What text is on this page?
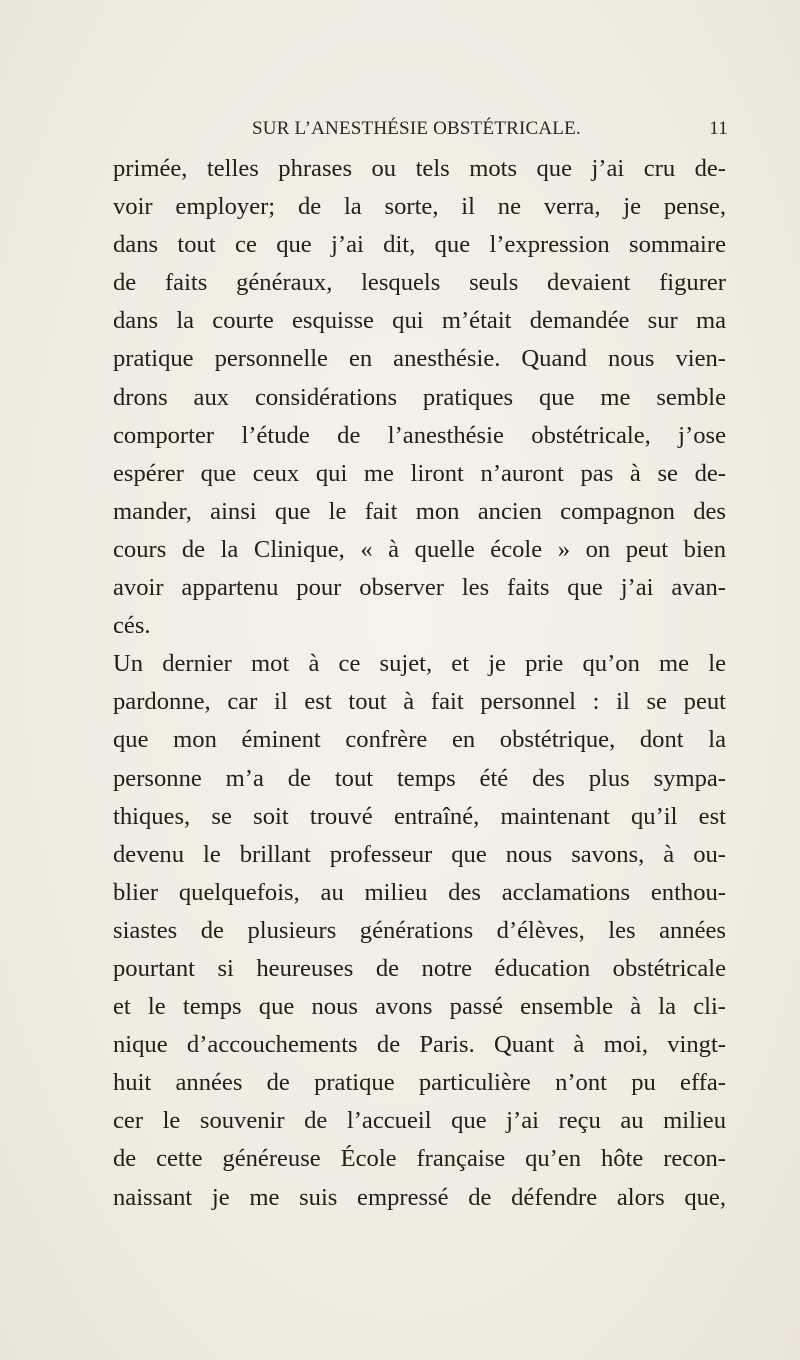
SUR L’ANESTHÉSIE OBSTÉTRICALE.	11
primée, telles phrases ou tels mots que j’ai cru de-
voir employer; de la sorte, il ne verra, je pense,
dans tout ce que j’ai dit, que l’expression sommaire
de faits généraux, lesquels seuls devaient figurer
dans la courte esquisse qui m’était demandée sur ma
pratique personnelle en anesthésie. Quand nous vien-
drons aux considérations pratiques que me semble
comporter l’étude de l’anesthésie obstétricale, j’ose
espérer que ceux qui me liront n’auront pas à se de-
mander, ainsi que le fait mon ancien compagnon des
cours de la Clinique, « à quelle école » on peut bien
avoir appartenu pour observer les faits que j’ai avan-
cés.
Un dernier mot à ce sujet, et je prie qu’on me le
pardonne, car il est tout à fait personnel : il se peut
que mon éminent confrère en obstétrique, dont la
personne m’a de tout temps été des plus sympa-
thiques, se soit trouvé entraîné, maintenant qu’il est
devenu le brillant professeur que nous savons, à ou-
blier quelquefois, au milieu des acclamations enthou-
siastes de plusieurs générations d’élèves, les années
pourtant si heureuses de notre éducation obstétricale
et le temps que nous avons passé ensemble à la cli-
nique d’accouchements de Paris. Quant à moi, vingt-
huit années de pratique particulière n’ont pu effa-
cer le souvenir de l’accueil que j’ai reçu au milieu
de cette généreuse École française qu’en hôte recon-
naissant je me suis empressé de défendre alors que,
